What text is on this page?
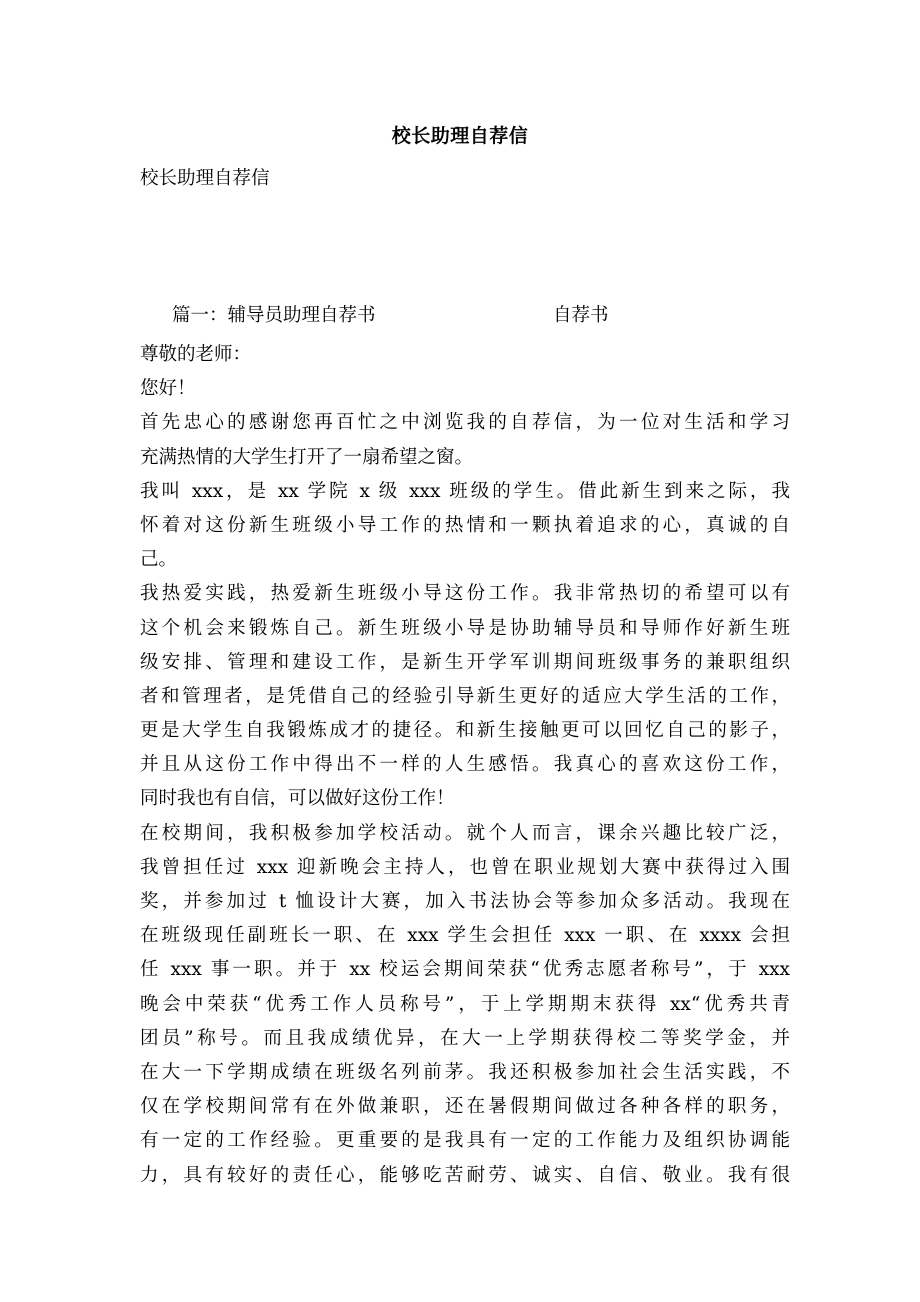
校长助理自荐信
校长助理自荐信
篇一：辅导员助理自荐书	自荐书
尊敬的老师：
您好！
首先忠心的感谢您再百忙之中浏览我的自荐信，为一位对生活和学习
充满热情的大学生打开了一扇希望之窗。
我叫 xxx，是 xx 学院 x 级 xxx 班级的学生。借此新生到来之际，我
怀着对这份新生班级小导工作的热情和一颗执着追求的心，真诚的自
己。
我热爱实践，热爱新生班级小导这份工作。我非常热切的希望可以有
这个机会来锻炼自己。新生班级小导是协助辅导员和导师作好新生班
级安排、管理和建设工作，是新生开学军训期间班级事务的兼职组织
者和管理者，是凭借自己的经验引导新生更好的适应大学生活的工作，
更是大学生自我锻炼成才的捷径。和新生接触更可以回忆自己的影子，
并且从这份工作中得出不一样的人生感悟。我真心的喜欢这份工作，
同时我也有自信，可以做好这份工作！
在校期间，我积极参加学校活动。就个人而言，课余兴趣比较广泛，
我曾担任过 xxx 迎新晚会主持人，也曾在职业规划大赛中获得过入围
奖，并参加过 t 恤设计大赛，加入书法协会等参加众多活动。我现在
在班级现任副班长一职、在 xxx 学生会担任 xxx 一职、在 xxxx 会担
任 xxx 事一职。并于 xx 校运会期间荣获“优秀志愿者称号”，于 xxx
晚会中荣获“优秀工作人员称号”，于上学期期末获得 xx“优秀共青
团员”称号。而且我成绩优异，在大一上学期获得校二等奖学金，并
在大一下学期成绩在班级名列前茅。我还积极参加社会生活实践，不
仅在学校期间常有在外做兼职，还在暑假期间做过各种各样的职务，
有一定的工作经验。更重要的是我具有一定的工作能力及组织协调能
力，具有较好的责任心，能够吃苦耐劳、诚实、自信、敬业。我有很
